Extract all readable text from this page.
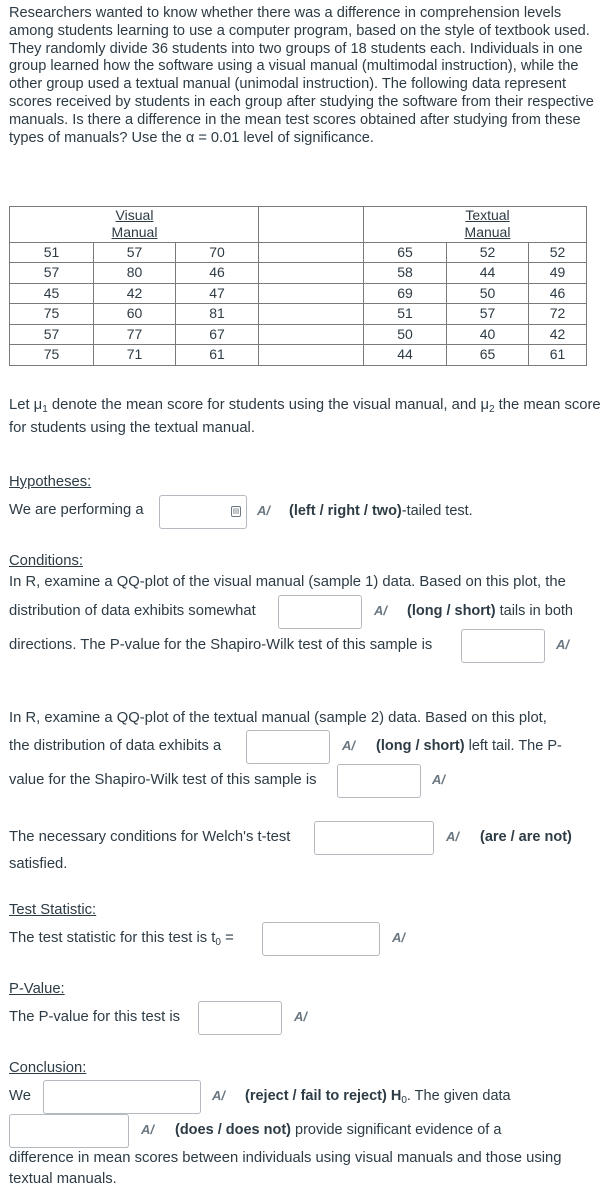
Researchers wanted to know whether there was a difference in comprehension levels among students learning to use a computer program, based on the style of textbook used. They randomly divide 36 students into two groups of 18 students each. Individuals in one group learned how the software using a visual manual (multimodal instruction), while the other group used a textual manual (unimodal instruction). The following data represent scores received by students in each group after studying the software from their respective manuals. Is there a difference in the mean test scores obtained after studying from these types of manuals? Use the α = 0.01 level of significance.
	Visual Manual				Textual Manual	
51	57	70		65	52	52
57	80	46		58	44	49
45	42	47		69	50	46
75	60	81		51	57	72
57	77	67		50	40	42
75	71	61		44	65	61
Let $\mu_1$ denote the mean score for students using the visual manual, and $\mu_2$ the mean score for students using the textual manual.
Hypotheses:
We are performing a	▤ A/ (left / right / two)-tailed test.
Conditions:
In R, examine a QQ-plot of the visual manual (sample 1) data. Based on this plot, the
distribution of data exhibits somewhat	A/ (long / short) tails in both
directions. The P-value for the Shapiro-Wilk test of this sample is	A/
In R, examine a QQ-plot of the textual manual (sample 2) data. Based on this plot,
the distribution of data exhibits a	A/ (long / short) left tail. The P-
value for the Shapiro-Wilk test of this sample is	A/
The necessary conditions for Welch's t-test	A/ (are / are not)
satisfied.
Test Statistic:
The test statistic for this test is $t_0$ =	A/
P-Value:
The P-value for this test is	A/
Conclusion:
We	A/ (reject / fail to reject) $H_0$. The given data
A/ (does / does not) provide significant evidence of a
difference in mean scores between individuals using visual manuals and those using
textual manuals.
